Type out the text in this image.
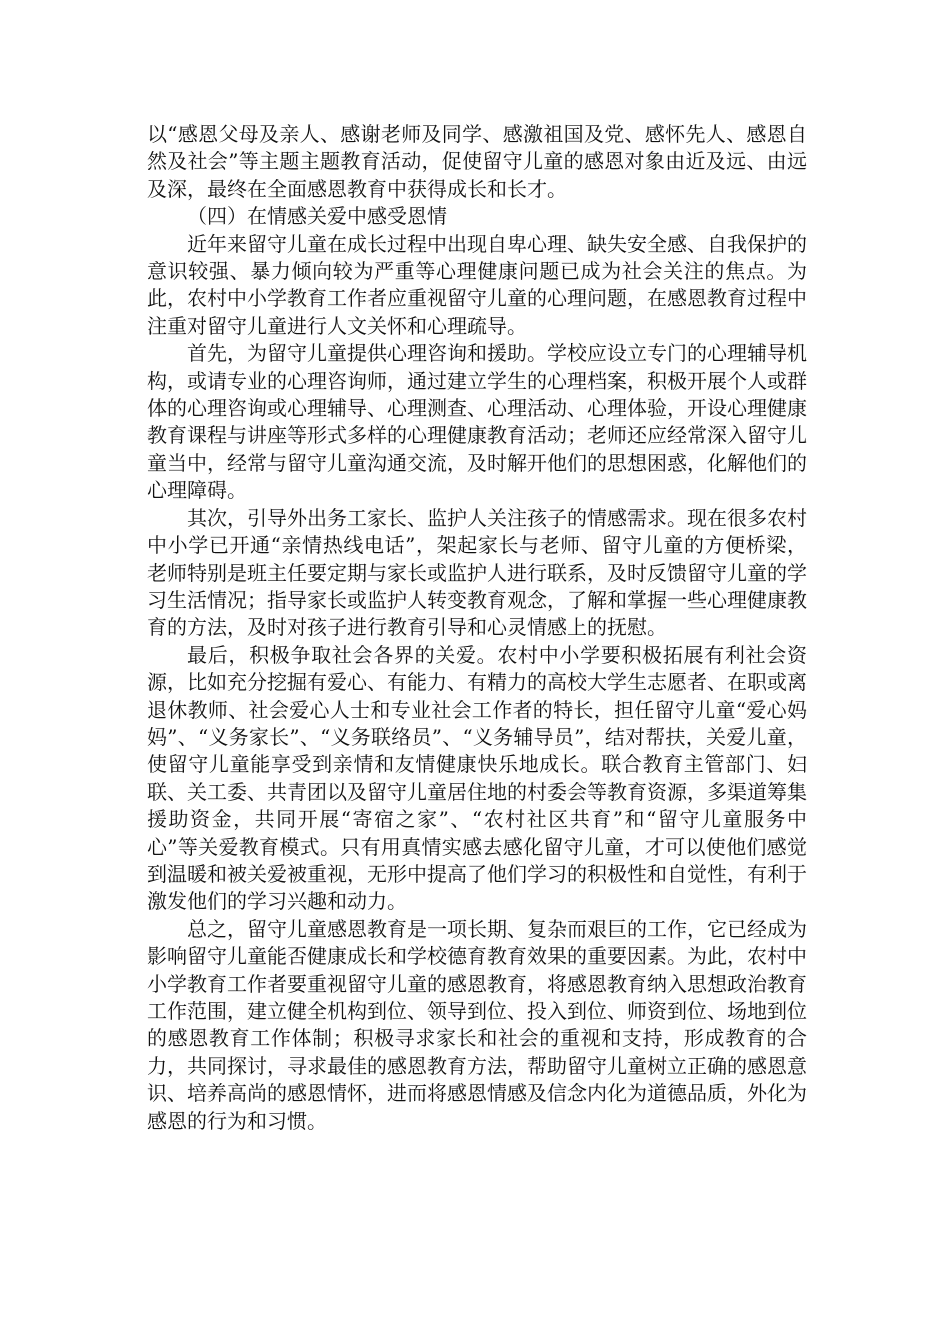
以“感恩父母及亲人、感谢老师及同学、感激祖国及党、感怀先人、感恩自然及社会”等主题主题教育活动，促使留守儿童的感恩对象由近及远、由远及深，最终在全面感恩教育中获得成长和长才。

（四）在情感关爱中感受恩情

近年来留守儿童在成长过程中出现自卑心理、缺失安全感、自我保护的意识较强、暴力倾向较为严重等心理健康问题已成为社会关注的焦点。为此，农村中小学教育工作者应重视留守儿童的心理问题，在感恩教育过程中注重对留守儿童进行人文关怀和心理疏导。

首先，为留守儿童提供心理咨询和援助。学校应设立专门的心理辅导机构，或请专业的心理咨询师，通过建立学生的心理档案，积极开展个人或群体的心理咨询或心理辅导、心理测查、心理活动、心理体验，开设心理健康教育课程与讲座等形式多样的心理健康教育活动；老师还应经常深入留守儿童当中，经常与留守儿童沟通交流，及时解开他们的思想困惑，化解他们的心理障碍。

其次，引导外出务工家长、监护人关注孩子的情感需求。现在很多农村中小学已开通“亲情热线电话”，架起家长与老师、留守儿童的方便桥梁，老师特别是班主任要定期与家长或监护人进行联系，及时反馈留守儿童的学习生活情况；指导家长或监护人转变教育观念，了解和掌握一些心理健康教育的方法，及时对孩子进行教育引导和心灵情感上的抚慰。

最后，积极争取社会各界的关爱。农村中小学要积极拓展有利社会资源，比如充分挖掘有爱心、有能力、有精力的高校大学生志愿者、在职或离退休教师、社会爱心人士和专业社会工作者的特长，担任留守儿童“爱心妈妈”、“义务家长”、“义务联络员”、“义务辅导员”，结对帮扶，关爱儿童，使留守儿童能享受到亲情和友情健康快乐地成长。联合教育主管部门、妇联、关工委、共青团以及留守儿童居住地的村委会等教育资源，多渠道筹集援助资金，共同开展“寄宿之家”、“农村社区共育”和“留守儿童服务中心”等关爱教育模式。只有用真情实感去感化留守儿童，才可以使他们感觉到温暖和被关爱被重视，无形中提高了他们学习的积极性和自觉性，有利于激发他们的学习兴趣和动力。

总之，留守儿童感恩教育是一项长期、复杂而艰巨的工作，它已经成为影响留守儿童能否健康成长和学校德育教育效果的重要因素。为此，农村中小学教育工作者要重视留守儿童的感恩教育，将感恩教育纳入思想政治教育工作范围，建立健全机构到位、领导到位、投入到位、师资到位、场地到位的感恩教育工作体制；积极寻求家长和社会的重视和支持，形成教育的合力，共同探讨，寻求最佳的感恩教育方法，帮助留守儿童树立正确的感恩意识、培养高尚的感恩情怀，进而将感恩情感及信念内化为道德品质，外化为感恩的行为和习惯。
